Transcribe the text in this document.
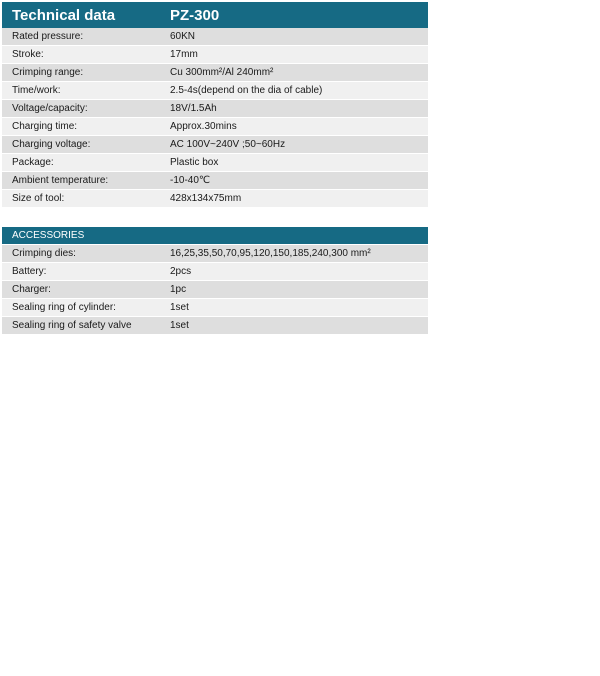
Technical data	PZ-300
Rated pressure:	60KN
Stroke:	17mm
Crimping range:	Cu 300mm²/Al 240mm²
Time/work:	2.5-4s(depend on the dia of cable)
Voltage/capacity:	18V/1.5Ah
Charging time:	Approx.30mins
Charging voltage:	AC 100V~240V ;50~60Hz
Package:	Plastic box
Ambient temperature:	-10-40℃
Size of tool:	428x134x75mm
ACCESSORIES
Crimping dies:	16,25,35,50,70,95,120,150,185,240,300 mm²
Battery:	2pcs
Charger:	1pc
Sealing ring of cylinder:	1set
Sealing ring of safety valve	1set
